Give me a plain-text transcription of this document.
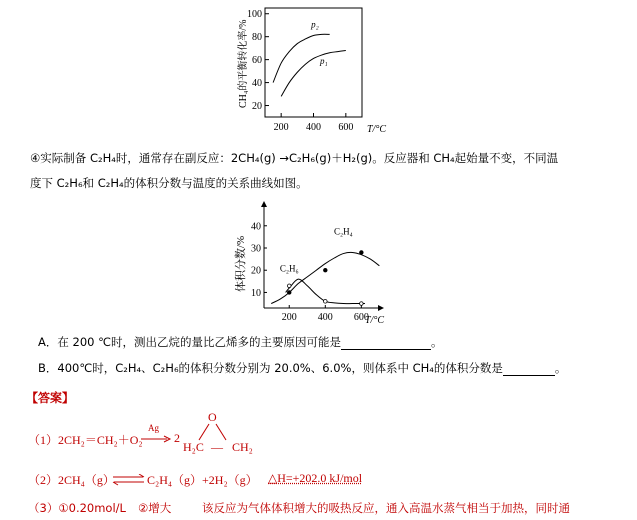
20
40
60
80
100
200 400 600
p₂
p₁
CH₄的平衡转化率/%
T/°C
④实际制备 C₂H₄时，通常存在副反应：2CH₄(g) →C₂H₆(g)＋H₂(g)。反应器和 CH₄起始量不变，不同温
度下 C₂H₆和 C₂H₄的体积分数与温度的关系曲线如图。
10
20
30
40
200 400 600
C₂H₄
C₂H₆
体积分数/%
T/°C
A．在 200 ℃时，测出乙烷的量比乙烯多的主要原因可能是	。
B．400℃时，C₂H₄、C₂H₆的体积分数分别为 20.0%、6.0%，则体系中 CH₄的体积分数是	。
【答案】
（1）2CH₂＝CH₂＋O₂
Ag
→ 2
O
H₂C — CH₂
（2）2CH₄（g） ⇌ C₂H₄（g）+2H₂（g） △H=+202.0 kJ/mol
（3）①0.20mol/L ②增大	该反应为气体体积增大的吸热反应，通入高温水蒸气相当于加热，同时通
